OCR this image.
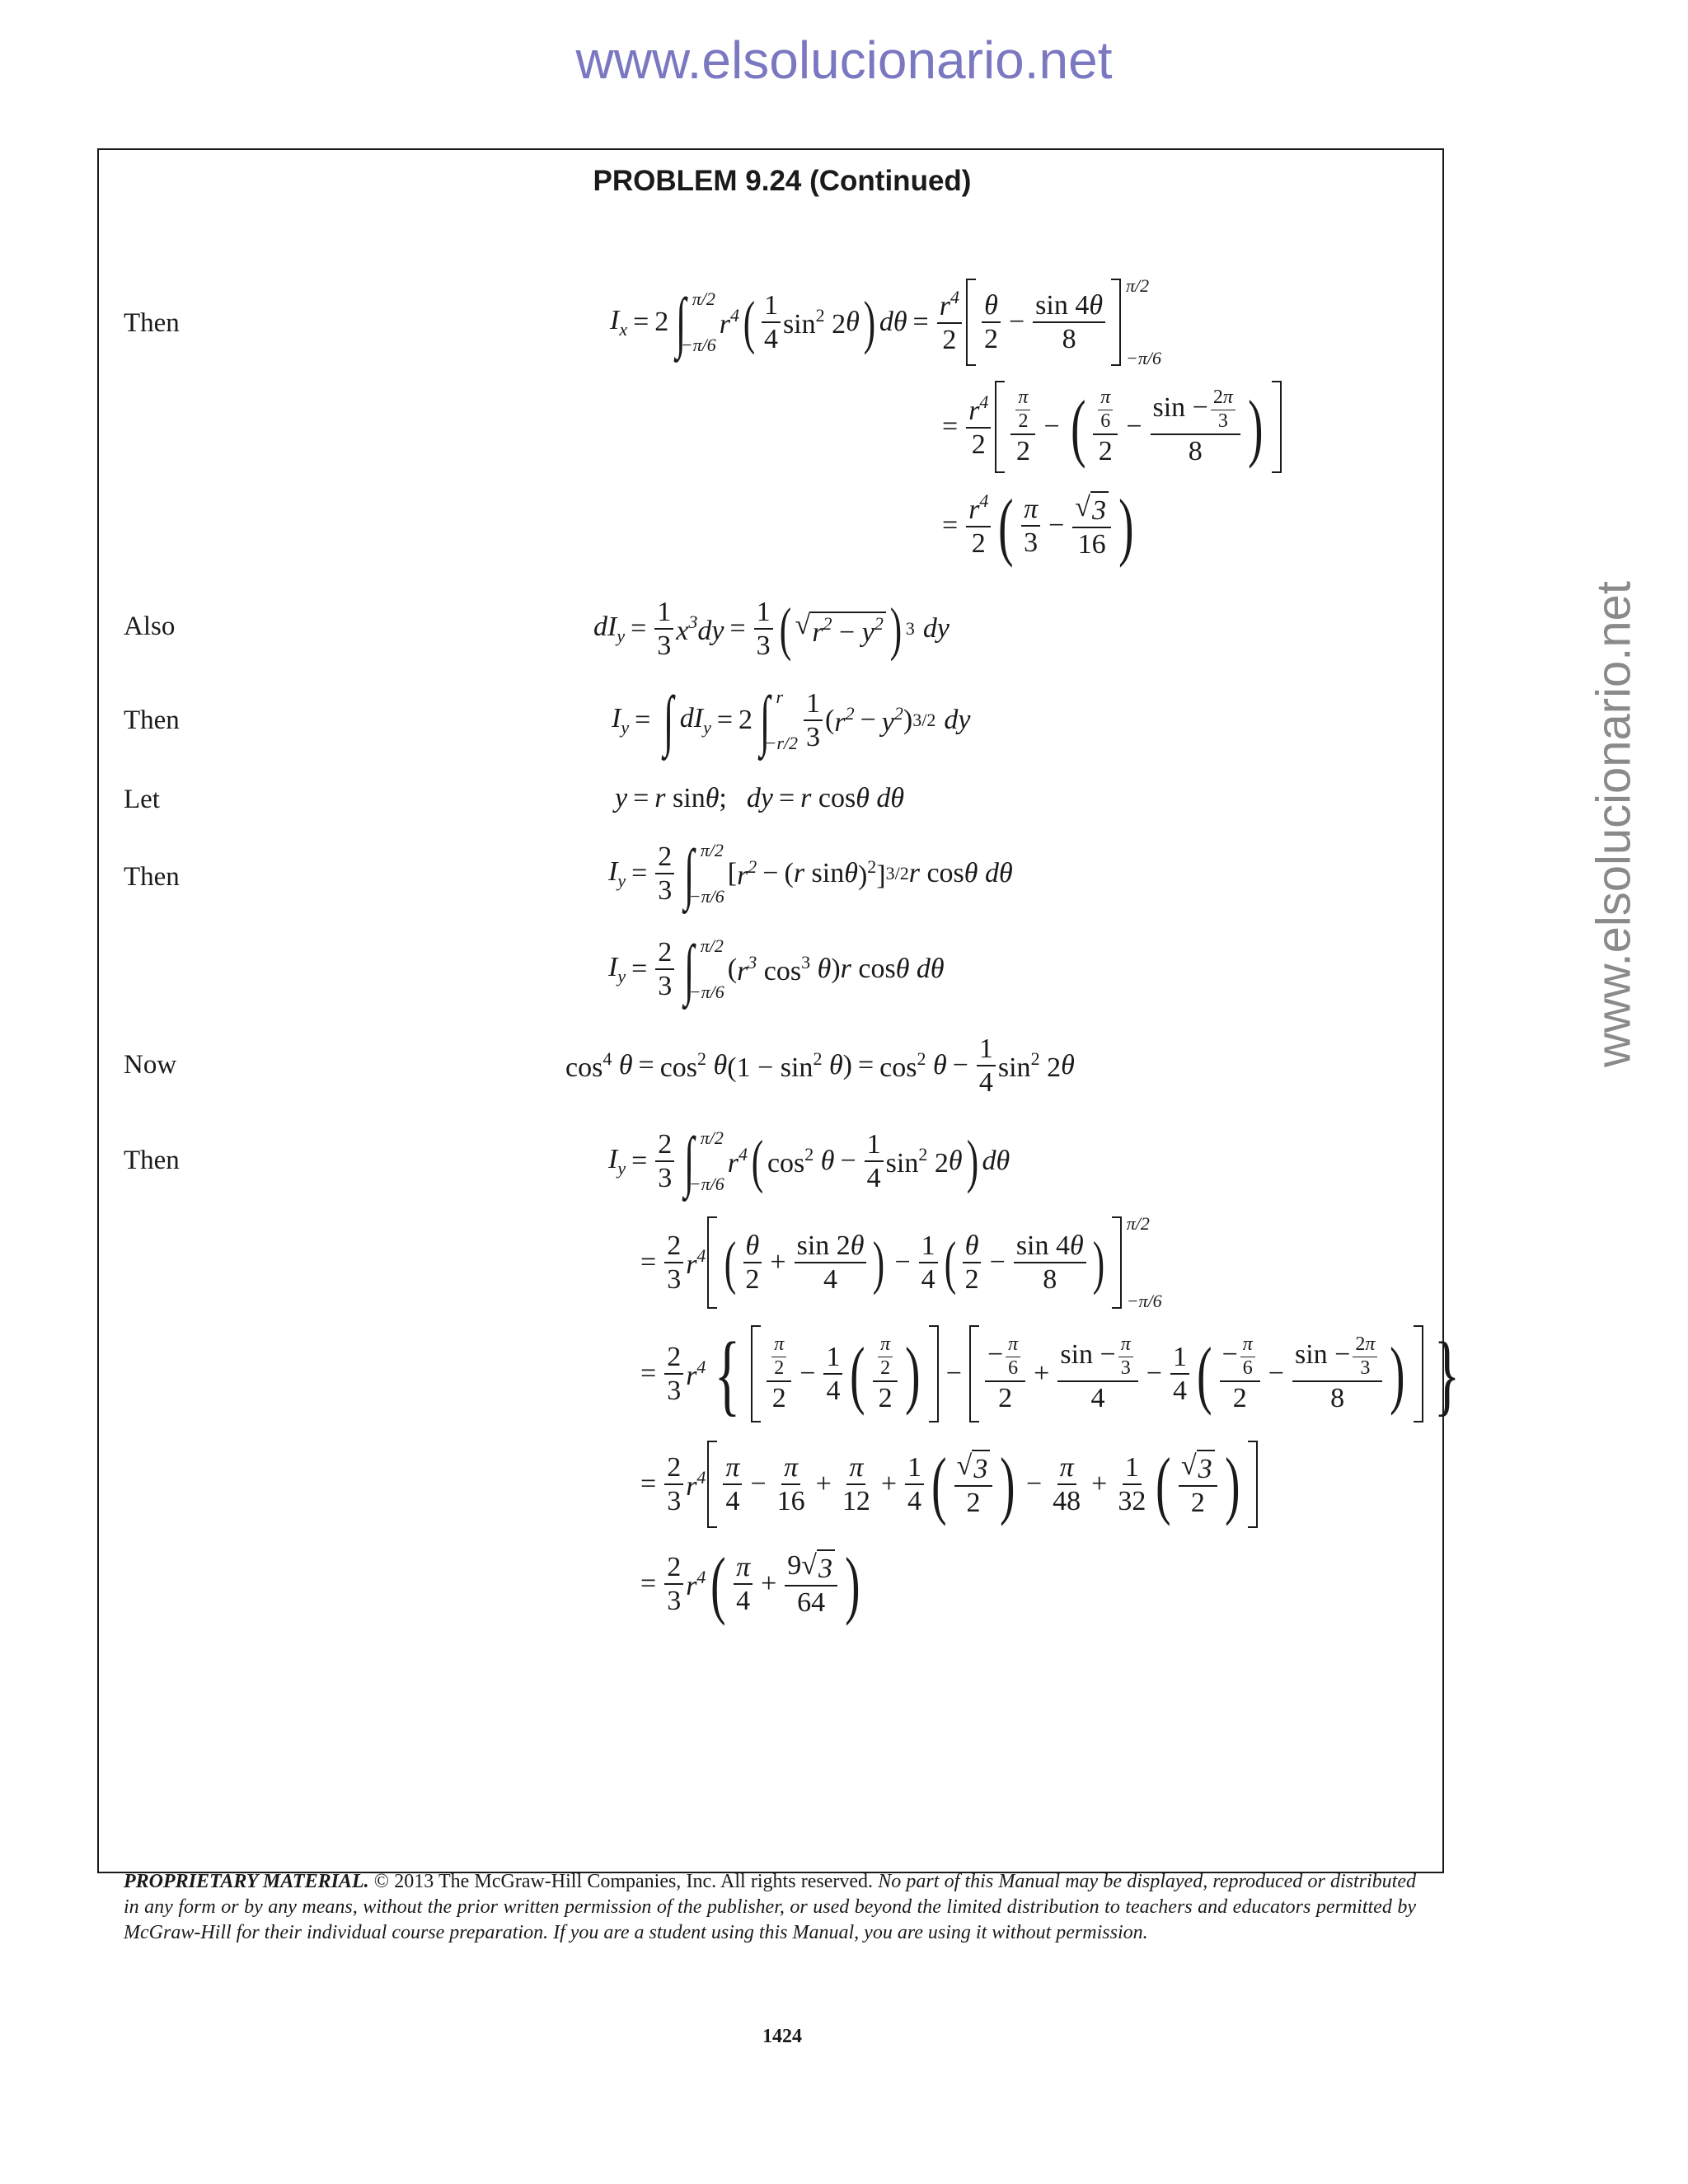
www.elsolucionario.net
www.elsolucionario.net
PROBLEM 9.24 (Continued)
Then
Also
Then
Let
Then
Now
Then
$I_x = 2$ ∫ π/2
−π/6
$r^4$ ( $\frac{1}{4} \sin^2 2$ θ ) $d\theta = \frac{r^4}{2} \frac{\theta}{2} - \frac{\sin 4\theta}{8}$
π/2
−π/6
= $\frac{r^4}{2} \frac{\frac{\pi}{2}}{2}$ − ( $\frac{\frac{\pi}{6}}{2} - \frac{\sin - \frac{2\pi}{3}}{8}$ )
= $\frac{r^4}{2}$ ( $\frac{\pi}{3} - \frac{√ 3}{16}$ )
$dI_y = \frac{1}{3} x^3dy = \frac{1}{3}$ ( √ $r^2 - y^2$ ) 3 dy
$I_y$ = ∫ $dI_y = 2$ ∫ r
$-r/2 \frac{1}{3}$ ( $r^2 - y^2$ ) 3/2 dy
y = r sin θ ; dy = r cos θ dθ
$I_y = \frac{2}{3}$ ∫ π/2
−π/6
[ $r^2$ − ( r sin θ )$^2$] 3/2 r cos θ dθ
$I_y = \frac{2}{3}$ ∫ π/2
−π/6
( $r^3$ $\cos^3 \theta$ ) r cos θ dθ
$\cos^4 \theta = \cos^2 \theta$ ($1 - \sin^2 \theta$ ) = $\cos^2 \theta - \frac{1}{4} \sin^2 2$ θ
$I_y = \frac{2}{3}$ ∫ π/2
−π/6
$r^4$ ( $\cos^2 \theta - \frac{1}{4} \sin^2 2$ θ ) dθ
= $\frac{2}{3} r^4$ ( $\frac{\theta}{2} + \frac{\sin 2\theta}{4}$ ) − $\frac{1}{4}$ ( $\frac{\theta}{2} - \frac{\sin 4\theta}{8}$ )
π/2
−π/6
= $\frac{2}{3} r^4$ { $\frac{\frac{\pi}{2}}{2} - \frac{1}{4}$ ( $\frac{\frac{\pi}{2}}{2}$ ) − $\frac{- \frac{\pi}{6}}{2} + \frac{\sin - \frac{\pi}{3}}{4} - \frac{1}{4}$ ( $\frac{- \frac{\pi}{6}}{2} - \frac{\sin - \frac{2\pi}{3}}{8}$ ) }
= $\frac{2}{3} r^4 \frac{\pi}{4} - \frac{\pi}{16} + \frac{\pi}{12} + \frac{1}{4}$ ( $\frac{√ 3}{2}$ ) − $\frac{\pi}{48} + \frac{1}{32}$ ( $\frac{√ 3}{2}$ )
= $\frac{2}{3} r^4$ ( $\frac{\pi}{4} + \frac{9 √ 3}{64}$ )
PROPRIETARY MATERIAL. © 2013 The McGraw-Hill Companies, Inc. All rights reserved. No part of this Manual may be displayed, reproduced or distributed in any form or by any means, without the prior written permission of the publisher, or used beyond the limited distribution to teachers and educators permitted by McGraw-Hill for their individual course preparation. If you are a student using this Manual, you are using it without permission.
1424
